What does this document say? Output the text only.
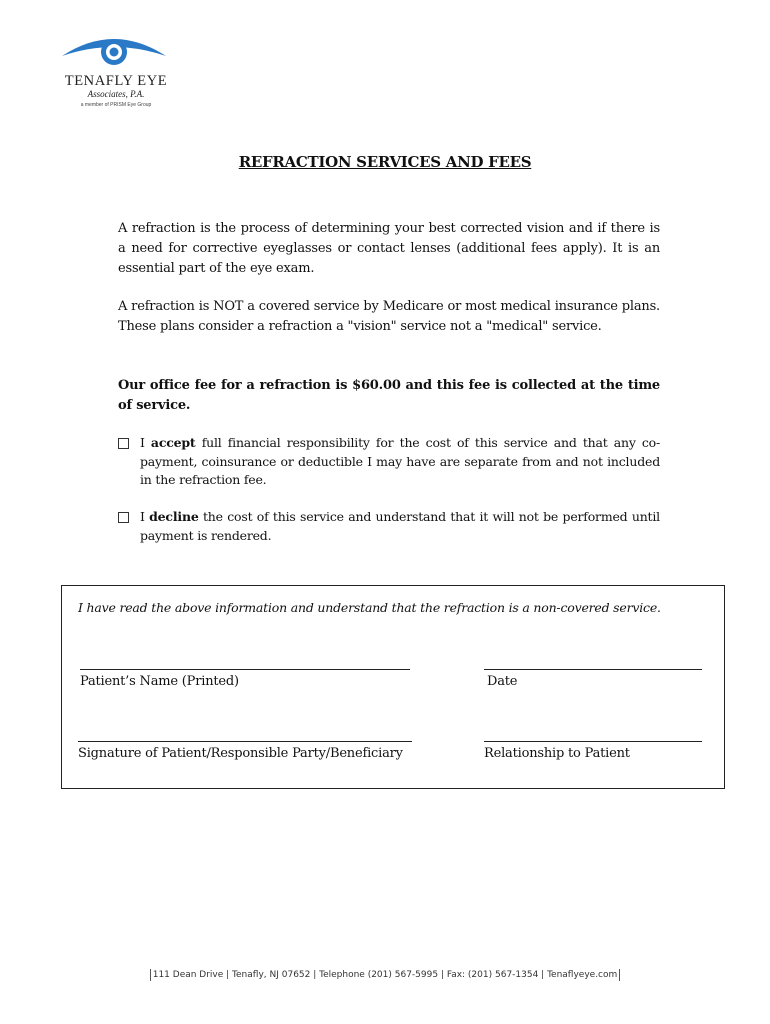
TENAFLY EYE
Associates, P.A.
a member of PRISM Eye Group
REFRACTION SERVICES AND FEES
A refraction is the process of determining your best corrected vision and if there is a need for corrective eyeglasses or contact lenses (additional fees apply). It is an essential part of the eye exam.
A refraction is NOT a covered service by Medicare or most medical insurance plans. These plans consider a refraction a "vision" service not a "medical" service.
Our office fee for a refraction is $60.00 and this fee is collected at the time of service.
I accept full financial responsibility for the cost of this service and that any co-payment, coinsurance or deductible I may have are separate from and not included in the refraction fee.
I decline the cost of this service and understand that it will not be performed until payment is rendered.
I have read the above information and understand that the refraction is a non-covered service.
Patient’s Name (Printed)	Date
Signature of Patient/Responsible Party/Beneficiary	Relationship to Patient
111 Dean Drive | Tenafly, NJ 07652 | Telephone (201) 567-5995 | Fax: (201) 567-1354 | Tenaflyeye.com
